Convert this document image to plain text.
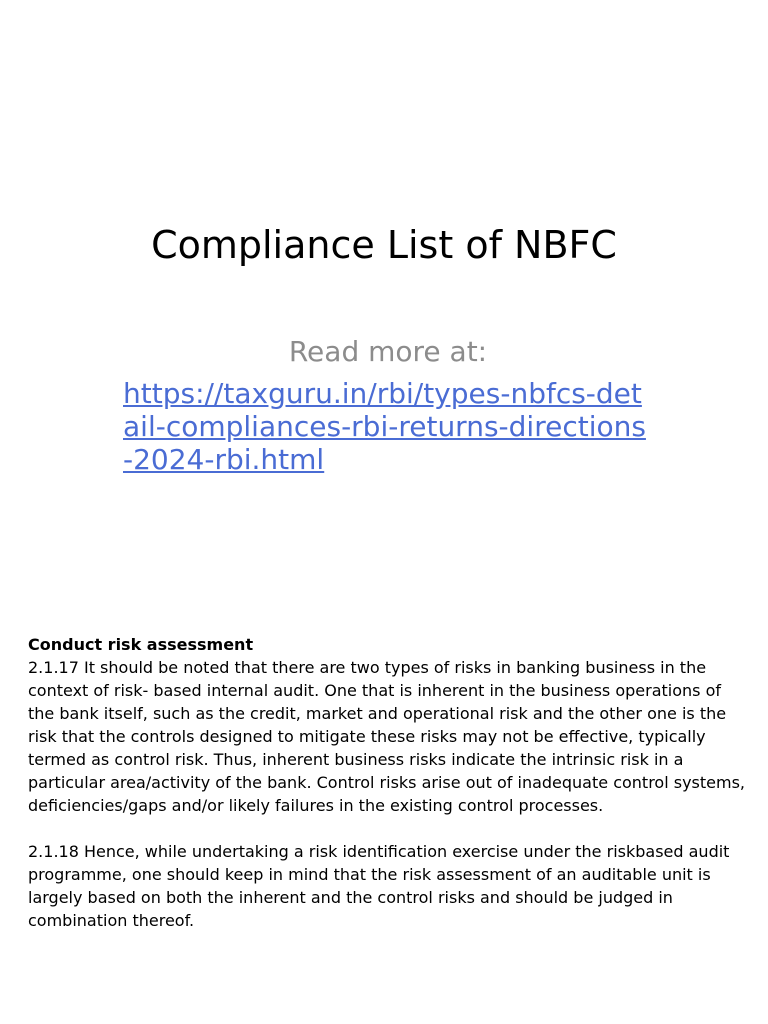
Compliance List of NBFC

Read more at:

https://taxguru.in/rbi/types-nbfcs-detail-compliances-rbi-returns-directions-2024-rbi.html

Conduct risk assessment

2.1.17 It should be noted that there are two types of risks in banking business in the context of risk- based internal audit. One that is inherent in the business operations of the bank itself, such as the credit, market and operational risk and the other one is the risk that the controls designed to mitigate these risks may not be effective, typically termed as control risk. Thus, inherent business risks indicate the intrinsic risk in a particular area/activity of the bank. Control risks arise out of inadequate control systems, deficiencies/gaps and/or likely failures in the existing control processes.

2.1.18 Hence, while undertaking a risk identification exercise under the riskbased audit programme, one should keep in mind that the risk assessment of an auditable unit is largely based on both the inherent and the control risks and should be judged in combination thereof.
